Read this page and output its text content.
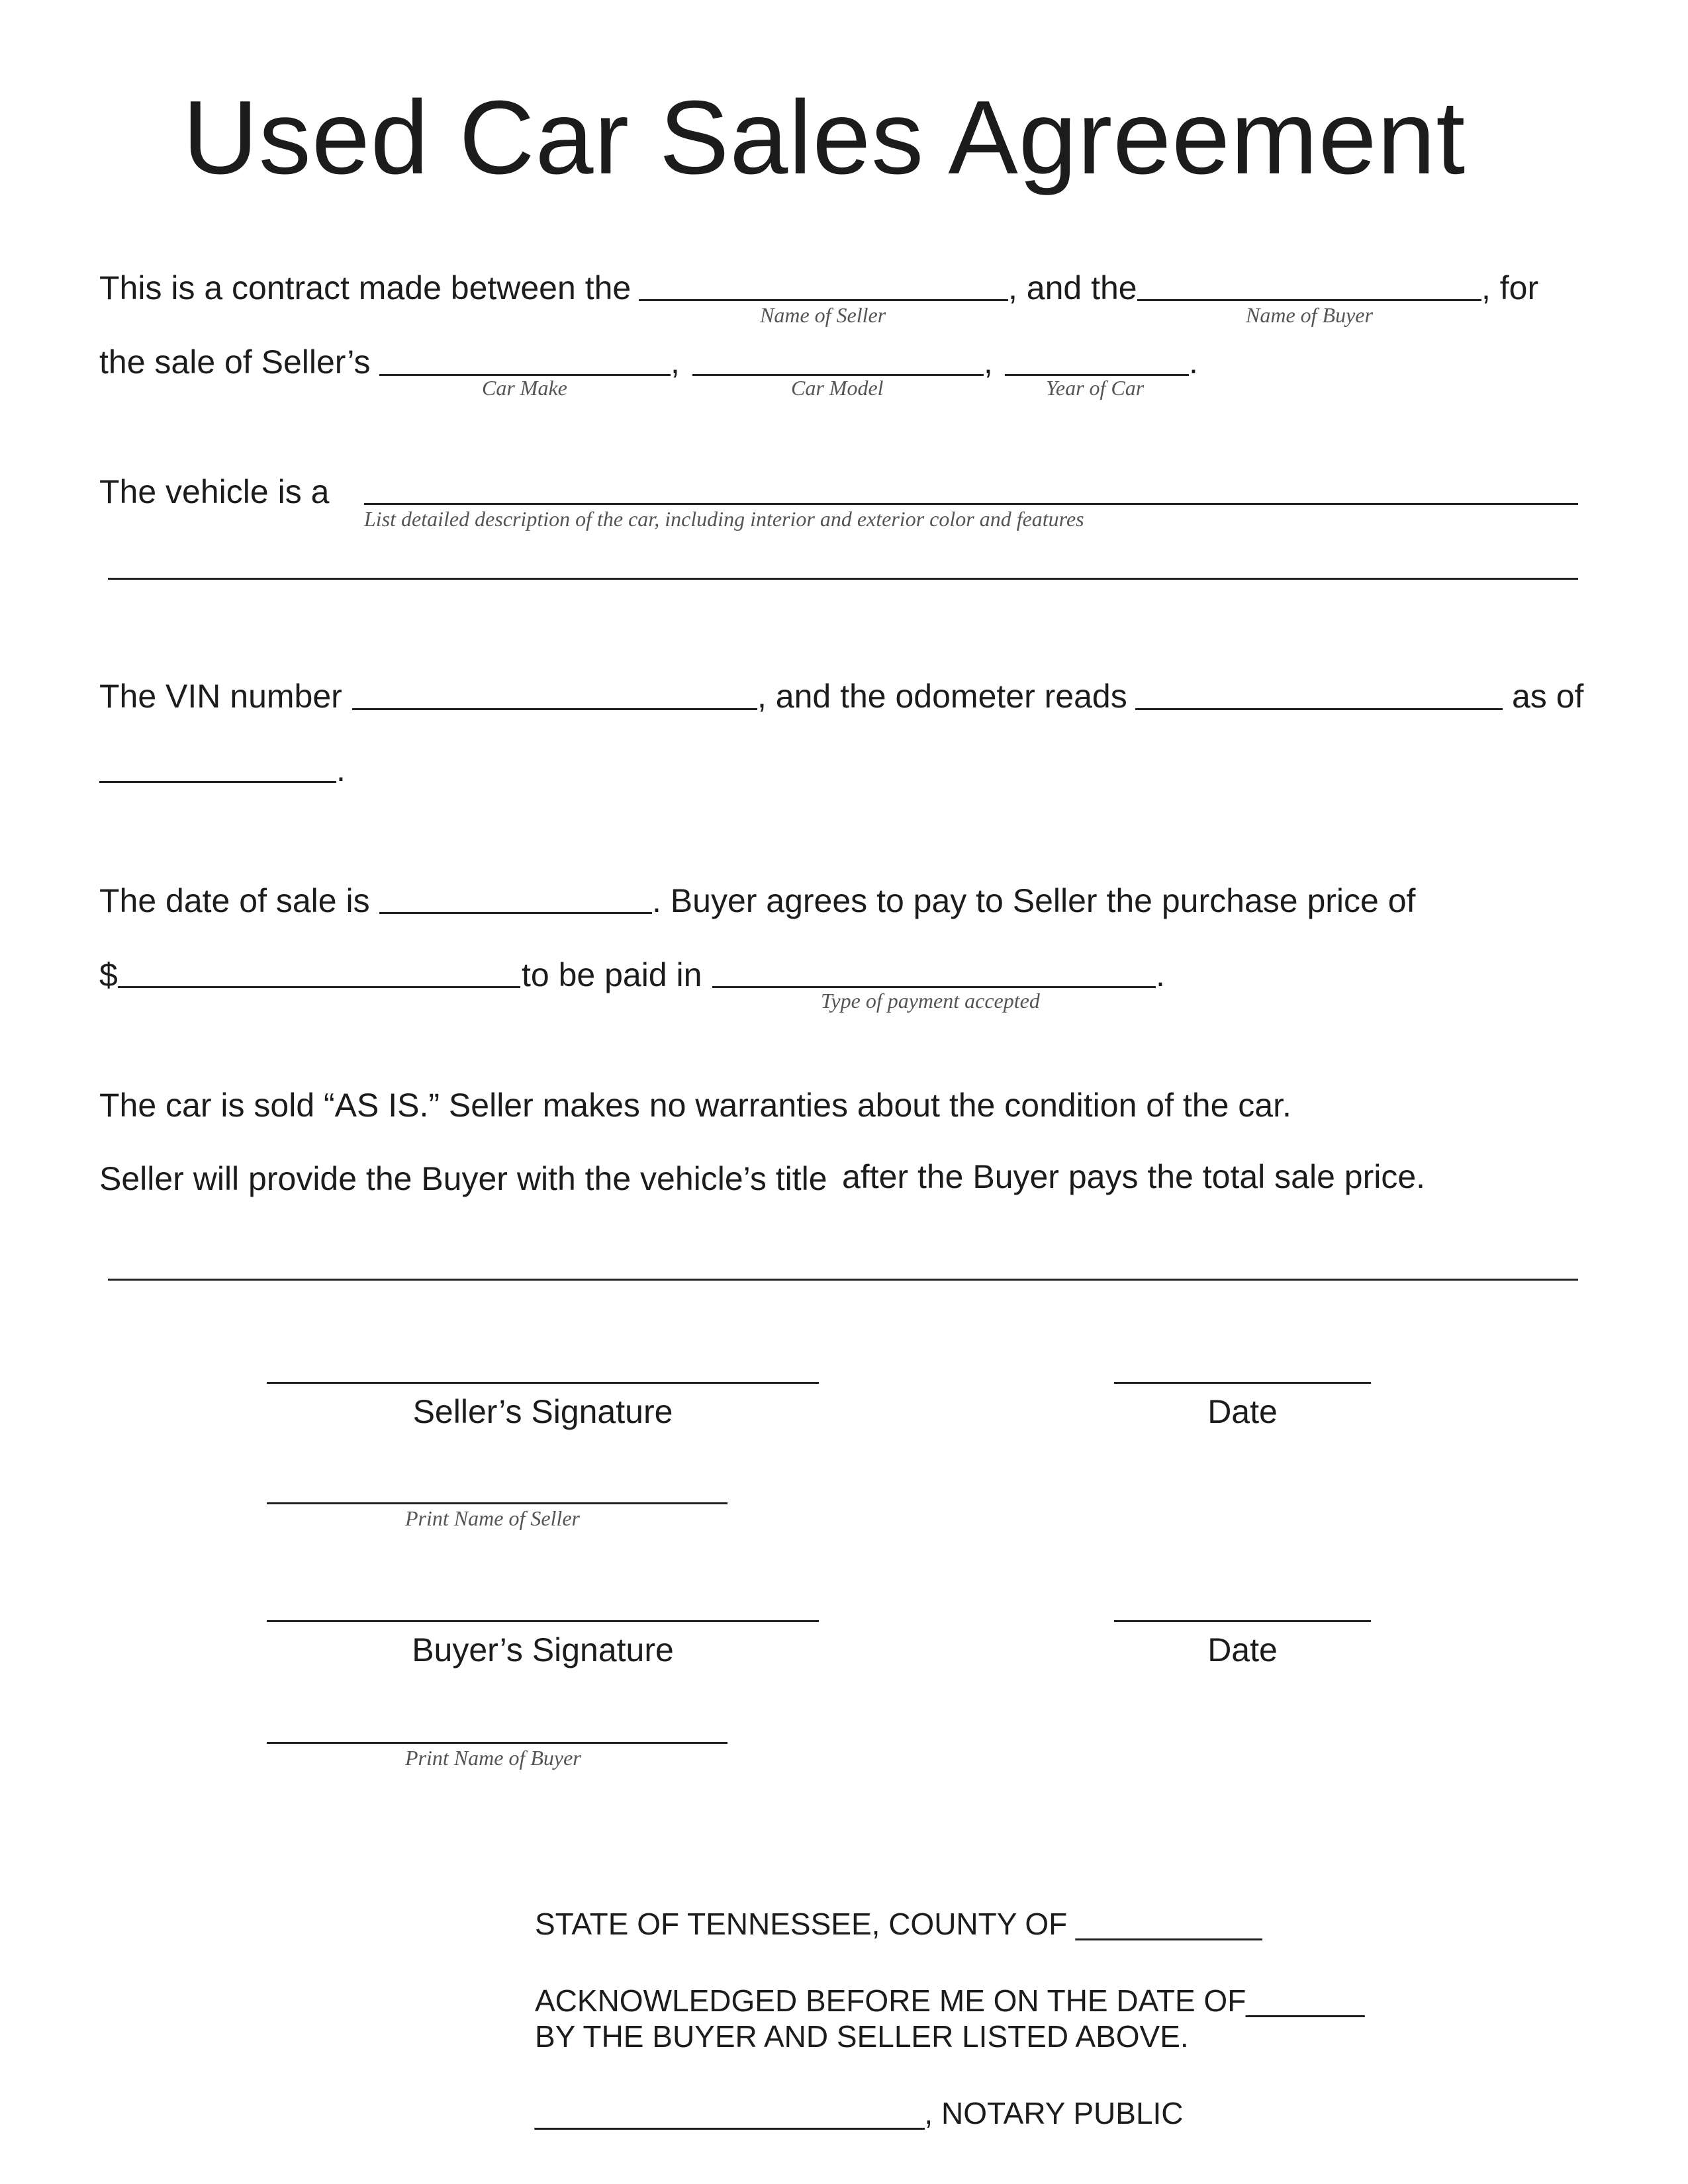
Used Car Sales Agreement
This is a contract made between the
Name of Seller
, and the
Name of Buyer
, for
the sale of Seller’s
Car Make
,
Car Model
,
Year of Car
.
The vehicle is a
List detailed description of the car, including interior and exterior color and features
The VIN number	, and the odometer reads	as of
.
The date of sale is	. Buyer agrees to pay to Seller the purchase price of
$	to be paid in
Type of payment accepted
.
The car is sold “AS IS.” Seller makes no warranties about the condition of the car.
Seller will provide the Buyer with the vehicle’s title after the Buyer pays the total sale price.
Seller’s Signature	Date
Print Name of Seller
Buyer’s Signature	Date
Print Name of Buyer
STATE OF TENNESSEE, COUNTY OF ___________
ACKNOWLEDGED BEFORE ME ON THE DATE OF_______
BY THE BUYER AND SELLER LISTED ABOVE.
_______________________, NOTARY PUBLIC
